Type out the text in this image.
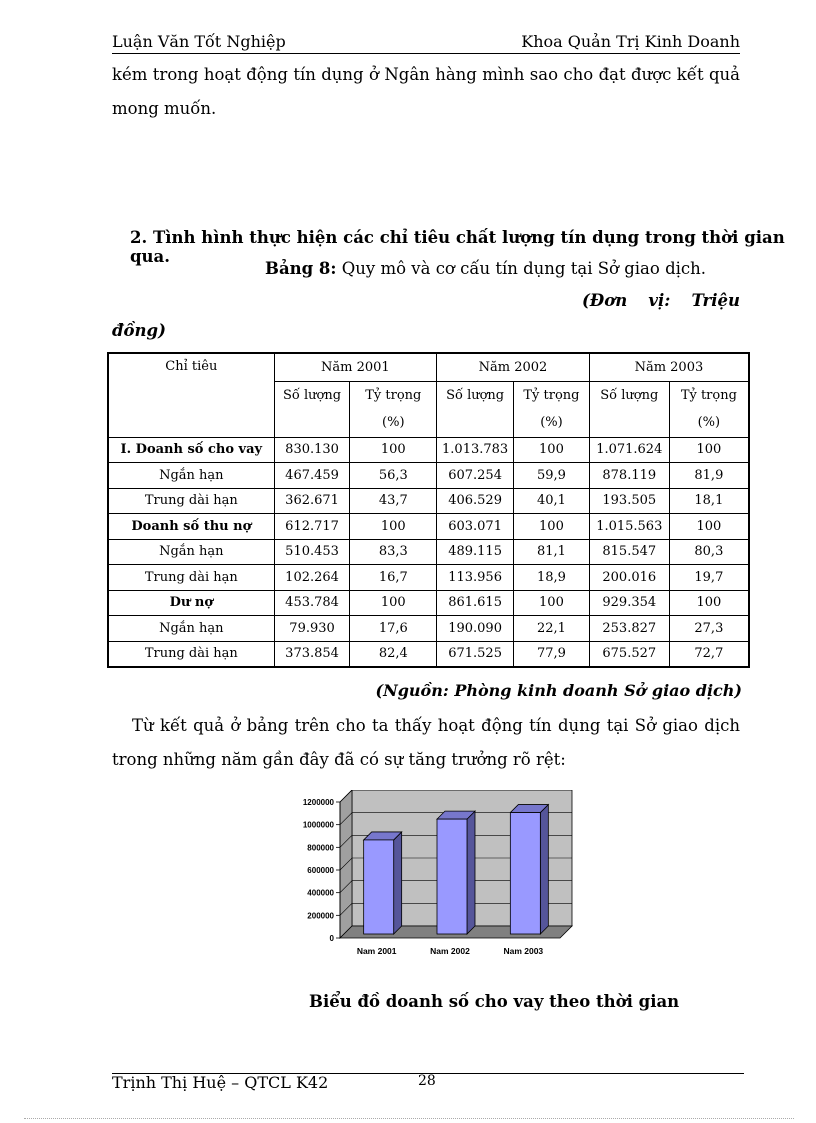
Luận Văn Tốt Nghiệp	Khoa Quản Trị Kinh Doanh
kém trong hoạt động tín dụng ở Ngân hàng mình sao cho đạt được kết quả mong muốn.
2. Tình hình thực hiện các chỉ tiêu chất lượng tín dụng trong thời gian qua.
Bảng 8: Quy mô và cơ cấu tín dụng tại Sở giao dịch.
(Đơn vị: Triệu
đồng)
Chỉ tiêu	Năm 2001		Năm 2002		Năm 2003	
	Số lượng	Tỷ trọng	Số lượng	Tỷ trọng	Số lượng	Tỷ trọng
		(%)		(%)		(%)
I. Doanh số cho vay	830.130	100	1.013.783	100	1.071.624	100
Ngắn hạn	467.459	56,3	607.254	59,9	878.119	81,9
Trung dài hạn	362.671	43,7	406.529	40,1	193.505	18,1
Doanh số thu nợ	612.717	100	603.071	100	1.015.563	100
Ngắn hạn	510.453	83,3	489.115	81,1	815.547	80,3
Trung dài hạn	102.264	16,7	113.956	18,9	200.016	19,7
Dư nợ	453.784	100	861.615	100	929.354	100
Ngắn hạn	79.930	17,6	190.090	22,1	253.827	27,3
Trung dài hạn	373.854	82,4	671.525	77,9	675.527	72,7
(Nguồn: Phòng kinh doanh Sở giao dịch)
Từ kết quả ở bảng trên cho ta thấy hoạt động tín dụng tại Sở giao dịch trong những năm gần đây đã có sự tăng trưởng rõ rệt:
0
200000
400000
600000
800000
1000000
1200000
Nam 2001	Nam 2002	Nam 2003
Biểu đồ doanh số cho vay theo thời gian
Trịnh Thị Huệ – QTCL K42	28
